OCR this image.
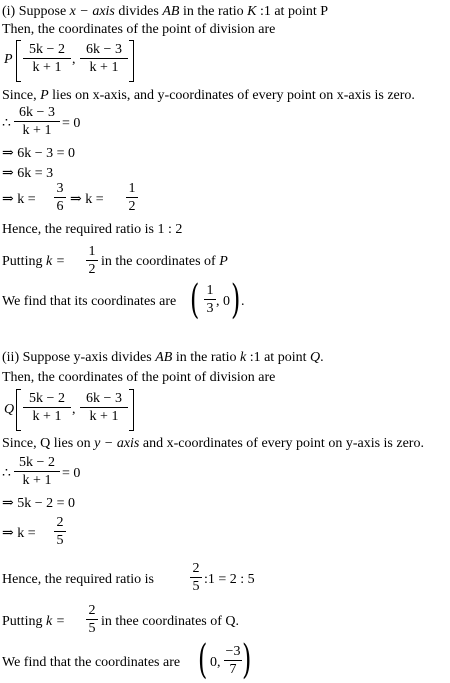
(i) Suppose x − axis divides AB in the ratio K :1 at point P
Then, the coordinates of the point of division are
P
5k − 2
k + 1
,
6k − 3
k + 1
Since, P lies on x-axis, and y-coordinates of every point on x-axis is zero.
∴
6k − 3
k + 1 = 0
⇒ 6k − 3 = 0
⇒ 6k = 3
⇒ k =
3
6 ⇒ k =
1
2
Hence, the required ratio is 1 : 2
Putting k =
1
2
in the coordinates of P
We find that its coordinates are ( 1
3 , 0 ) .
(ii) Suppose y-axis divides AB in the ratio k :1 at point Q.
Then, the coordinates of the point of division are
Q
5k − 2
k + 1 ,
6k − 3
k + 1
Since, Q lies on y − axis and x-coordinates of every point on y-axis is zero.
∴
5k − 2
k + 1 = 0
⇒ 5k − 2 = 0
⇒ k =
2
5
Hence, the required ratio is
2
5 :1 = 2 : 5
Putting k =
2
5 in thee coordinates of Q.
We find that the coordinates are ( 0,
−3
7 )
